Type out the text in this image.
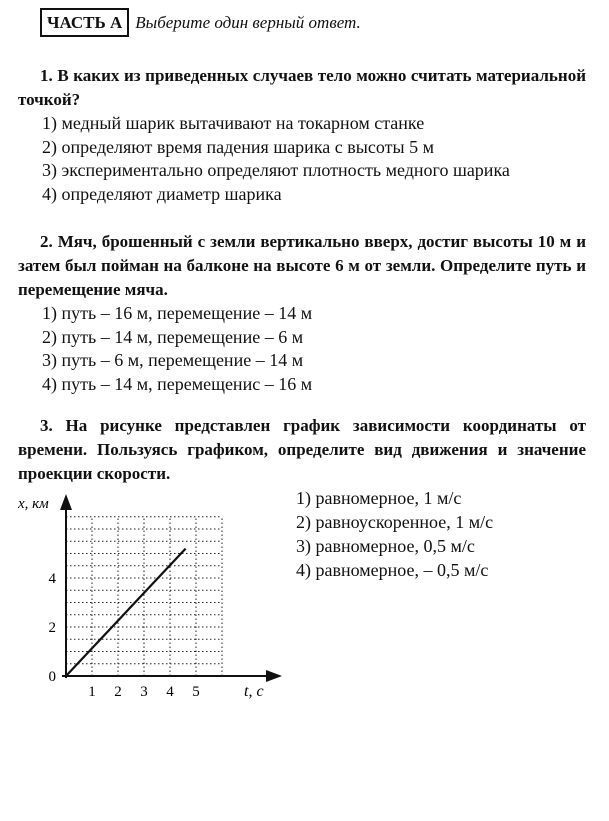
ЧАСТЬ А Выберите один верный ответ.

1. В каких из приведенных случаев тело можно считать материальной точкой?

1) медный шарик вытачивают на токарном станке
2) определяют время падения шарика с высоты 5 м
3) экспериментально определяют плотность медного шарика
4) определяют диаметр шарика

2. Мяч, брошенный с земли вертикально вверх, достиг высоты 10 м и затем был пойман на балконе на высоте 6 м от земли. Определите путь и перемещение мяча.

1) путь – 16 м, перемещение – 14 м
2) путь – 14 м, перемещение – 6 м
3) путь – 6 м, перемещение – 14 м
4) путь – 14 м, перемещенис – 16 м

3. На рисунке представлен график зависимости координаты от времени. Пользуясь графиком, определите вид движения и значение проекции скорости.

1) равномерное, 1 м/с
2) равноускоренное, 1 м/с
3) равномерное, 0,5 м/с
4) равномерное, – 0,5 м/с
1 2 3 4 5
0
2
4
x, км
t, с
